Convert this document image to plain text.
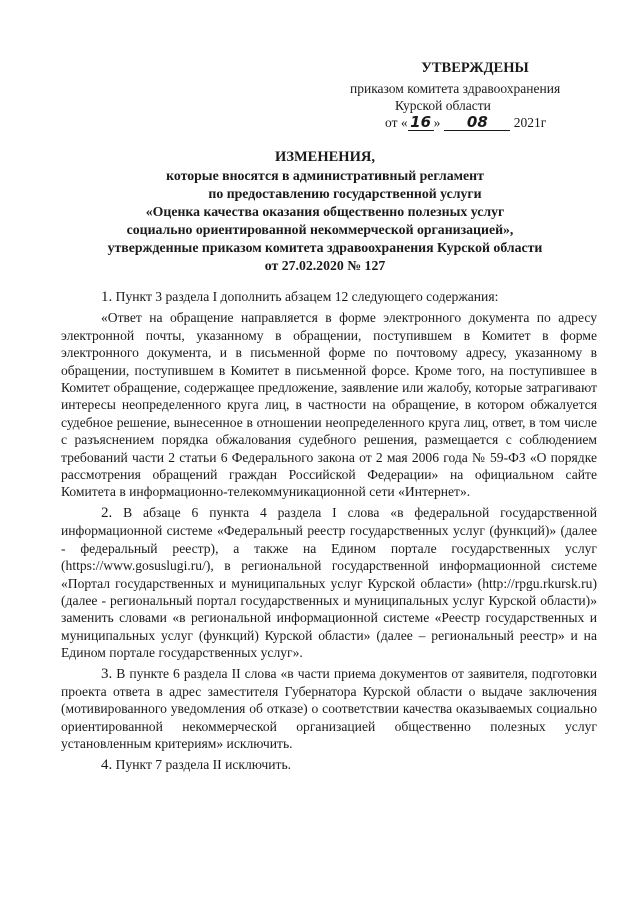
УТВЕРЖДЕНЫ
приказом комитета здравоохранения
Курской области
от « 16 » 08 2021г
ИЗМЕНЕНИЯ,
которые вносятся в административный регламент
по предоставлению государственной услуги
«Оценка качества оказания общественно полезных услуг
социально ориентированной некоммерческой организацией»,
утвержденные приказом комитета здравоохранения Курской области
от 27.02.2020 № 127

1. Пункт 3 раздела I дополнить абзацем 12 следующего содержания:

«Ответ на обращение направляется в форме электронного документа по адресу электронной почты, указанному в обращении, поступившем в Комитет в форме электронного документа, и в письменной форме по почтовому адресу, указанному в обращении, поступившем в Комитет в письменной форсе. Кроме того, на поступившее в Комитет обращение, содержащее предложение, заявление или жалобу, которые затрагивают интересы неопределенного круга лиц, в частности на обращение, в котором обжалуется судебное решение, вынесенное в отношении неопределенного круга лиц, ответ, в том числе с разъяснением порядка обжалования судебного решения, размещается с соблюдением требований части 2 статьи 6 Федерального закона от 2 мая 2006 года № 59-ФЗ «О порядке рассмотрения обращений граждан Российской Федерации» на официальном сайте Комитета в информационно-телекоммуникационной сети «Интернет».

2. В абзаце 6 пункта 4 раздела I слова «в федеральной государственной информационной системе «Федеральный реестр государственных услуг (функций)» (далее - федеральный реестр), а также на Едином портале государственных услуг (https://www.gosuslugi.ru/), в региональной государственной информационной системе «Портал государственных и муниципальных услуг Курской области» (http://rpgu.rkursk.ru) (далее - региональный портал государственных и муниципальных услуг Курской области)» заменить словами «в региональной информационной системе «Реестр государственных и муниципальных услуг (функций) Курской области» (далее – региональный реестр» и на Едином портале государственных услуг».

3. В пункте 6 раздела II слова «в части приема документов от заявителя, подготовки проекта ответа в адрес заместителя Губернатора Курской области о выдаче заключения (мотивированного уведомления об отказе) о соответствии качества оказываемых социально ориентированной некоммерческой организацией общественно полезных услуг установленным критериям» исключить.

4. Пункт 7 раздела II исключить.
